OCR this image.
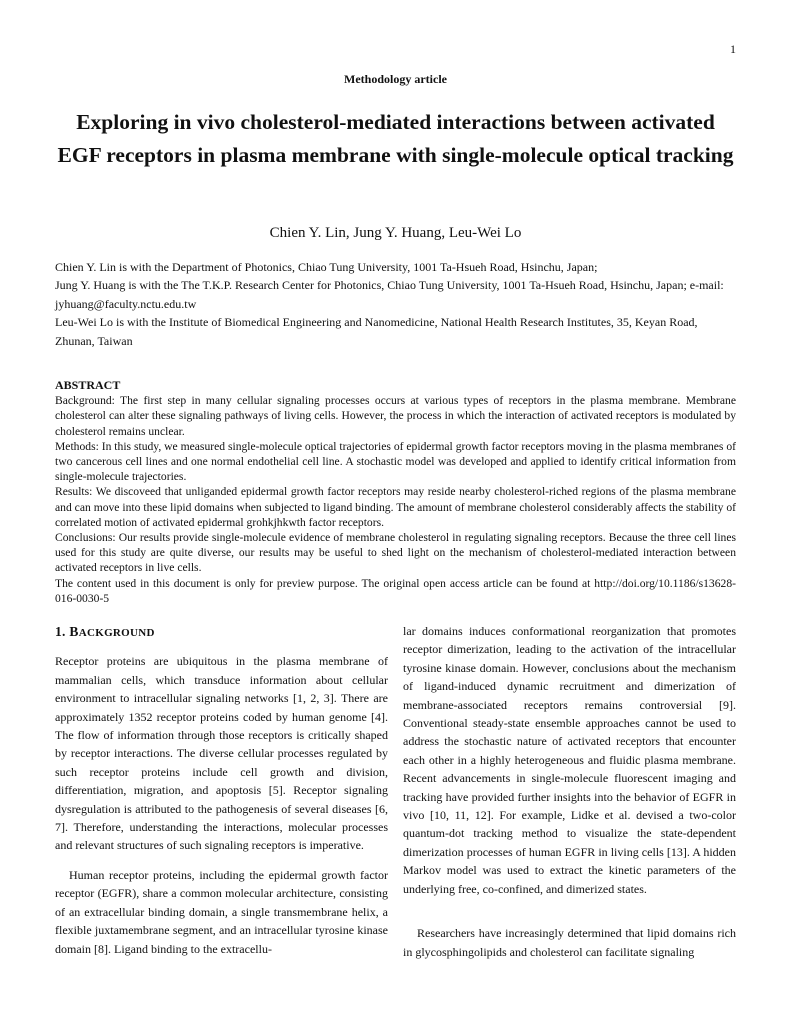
1
Methodology article
Exploring in vivo cholesterol-mediated interactions between activated EGF receptors in plasma membrane with single-molecule optical tracking
Chien Y. Lin, Jung Y. Huang, Leu-Wei Lo

Chien Y. Lin is with the Department of Photonics, Chiao Tung University, 1001 Ta-Hsueh Road, Hsinchu, Japan;

Jung Y. Huang is with the The T.K.P. Research Center for Photonics, Chiao Tung University, 1001 Ta-Hsueh Road, Hsinchu, Japan; e-mail: jyhuang@faculty.nctu.edu.tw

Leu-Wei Lo is with the Institute of Biomedical Engineering and Nanomedicine, National Health Research Institutes, 35, Keyan Road, Zhunan, Taiwan

ABSTRACT

Background: The first step in many cellular signaling processes occurs at various types of receptors in the plasma membrane. Membrane cholesterol can alter these signaling pathways of living cells. However, the process in which the interaction of activated receptors is modulated by cholesterol remains unclear.

Methods: In this study, we measured single-molecule optical trajectories of epidermal growth factor receptors moving in the plasma membranes of two cancerous cell lines and one normal endothelial cell line. A stochastic model was developed and applied to identify critical information from single-molecule trajectories.

Results: We discoveed that unliganded epidermal growth factor receptors may reside nearby cholesterol-riched regions of the plasma membrane and can move into these lipid domains when subjected to ligand binding. The amount of membrane cholesterol considerably affects the stability of correlated motion of activated epidermal grohkjhkwth factor receptors.

Conclusions: Our results provide single-molecule evidence of membrane cholesterol in regulating signaling receptors. Because the three cell lines used for this study are quite diverse, our results may be useful to shed light on the mechanism of cholesterol-mediated interaction between activated receptors in live cells.

The content used in this document is only for preview purpose. The original open access article can be found at http://doi.org/10.1186/s13628-016-0030-5

1. BACKGROUND

Receptor proteins are ubiquitous in the plasma membrane of mammalian cells, which transduce information about cellular environment to intracellular signaling networks [1, 2, 3]. There are approximately 1352 receptor proteins coded by human genome [4]. The flow of information through those receptors is critically shaped by receptor interactions. The diverse cellular processes regulated by such receptor proteins include cell growth and division, differentiation, migration, and apoptosis [5]. Receptor signaling dysregulation is attributed to the pathogenesis of several diseases [6, 7]. Therefore, understanding the interactions, molecular processes and relevant structures of such signaling receptors is imperative.

Human receptor proteins, including the epidermal growth factor receptor (EGFR), share a common molecular architecture, consisting of an extracellular binding domain, a single transmembrane helix, a flexible juxtamembrane segment, and an intracellular tyrosine kinase domain [8]. Ligand binding to the extracellu-

lar domains induces conformational reorganization that promotes receptor dimerization, leading to the activation of the intracellular tyrosine kinase domain. However, conclusions about the mechanism of ligand-induced dynamic recruitment and dimerization of membrane-associated receptors remains controversial [9]. Conventional steady-state ensemble approaches cannot be used to address the stochastic nature of activated receptors that encounter each other in a highly heterogeneous and fluidic plasma membrane. Recent advancements in single-molecule fluorescent imaging and tracking have provided further insights into the behavior of EGFR in vivo [10, 11, 12]. For example, Lidke et al. devised a two-color quantum-dot tracking method to visualize the state-dependent dimerization processes of human EGFR in living cells [13]. A hidden Markov model was used to extract the kinetic parameters of the underlying free, co-confined, and dimerized states.

Researchers have increasingly determined that lipid domains rich in glycosphingolipids and cholesterol can facilitate signaling
